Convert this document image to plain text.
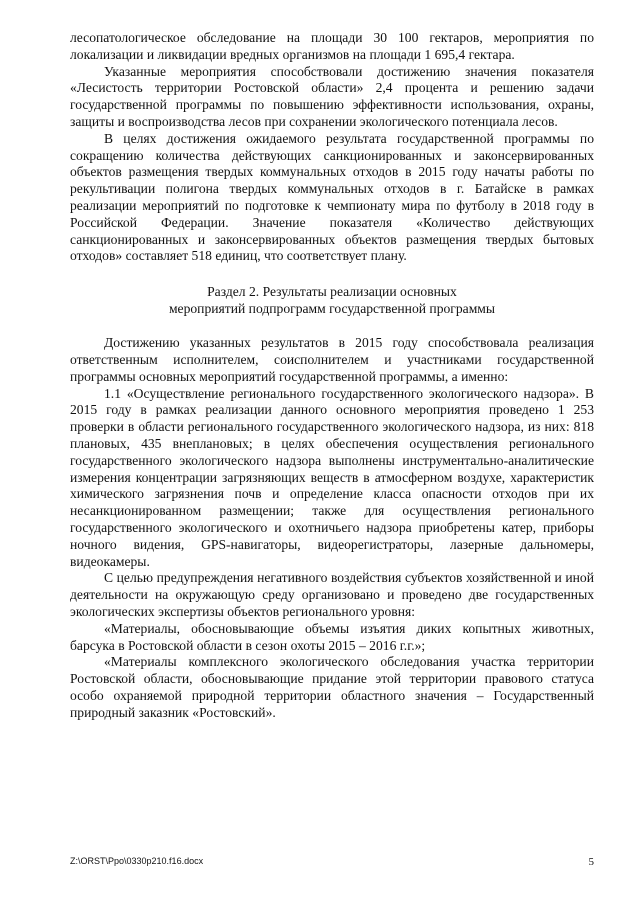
лесопатологическое обследование на площади 30 100 гектаров, мероприятия по локализации и ликвидации вредных организмов на площади 1 695,4 гектара.

Указанные мероприятия способствовали достижению значения показателя «Лесистость территории Ростовской области» 2,4 процента и решению задачи государственной программы по повышению эффективности использования, охраны, защиты и воспроизводства лесов при сохранении экологического потенциала лесов.

В целях достижения ожидаемого результата государственной программы по сокращению количества действующих санкционированных и законсервированных объектов размещения твердых коммунальных отходов в 2015 году начаты работы по рекультивации полигона твердых коммунальных отходов в г. Батайске в рамках реализации мероприятий по подготовке к чемпионату мира по футболу в 2018 году в Российской Федерации. Значение показателя «Количество действующих санкционированных и законсервированных объектов размещения твердых бытовых отходов» составляет 518 единиц, что соответствует плану.

Раздел 2. Результаты реализации основных
мероприятий подпрограмм государственной программы

Достижению указанных результатов в 2015 году способствовала реализация ответственным исполнителем, соисполнителем и участниками государственной программы основных мероприятий государственной программы, а именно:

1.1 «Осуществление регионального государственного экологического надзора». В 2015 году в рамках реализации данного основного мероприятия проведено 1 253 проверки в области регионального государственного экологического надзора, из них: 818 плановых, 435 внеплановых; в целях обеспечения осуществления регионального государственного экологического надзора выполнены инструментально-аналитические измерения концентрации загрязняющих веществ в атмосферном воздухе, характеристик химического загрязнения почв и определение класса опасности отходов при их несанкционированном размещении; также для осуществления регионального государственного экологического и охотничьего надзора приобретены катер, приборы ночного видения, GPS-навигаторы, видеорегистраторы, лазерные дальномеры, видеокамеры.

С целью предупреждения негативного воздействия субъектов хозяйственной и иной деятельности на окружающую среду организовано и проведено две государственных экологических экспертизы объектов регионального уровня:

«Материалы, обосновывающие объемы изъятия диких копытных животных, барсука в Ростовской области в сезон охоты 2015 – 2016 г.г.»;

«Материалы комплексного экологического обследования участка территории Ростовской области, обосновывающие придание этой территории правового статуса особо охраняемой природной территории областного значения – Государственный природный заказник «Ростовский».

Z:\ORST\Ppo\0330p210.f16.docx	5
